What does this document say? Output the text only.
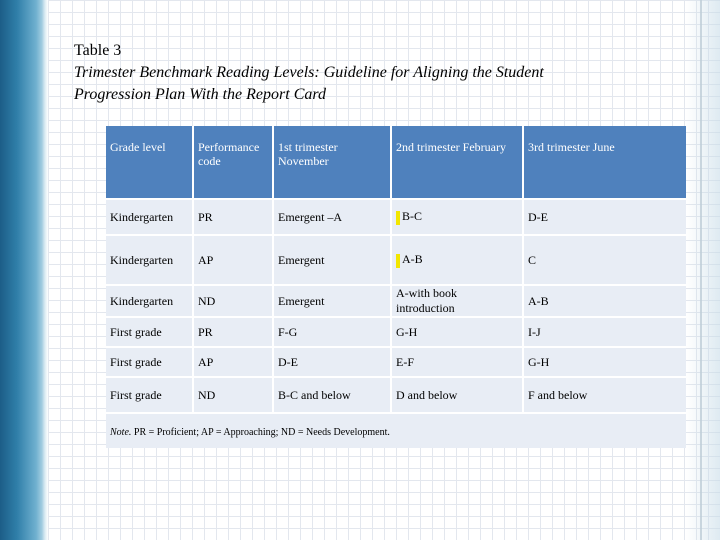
Table 3
Trimester Benchmark Reading Levels: Guideline for Aligning the Student
Progression Plan With the Report Card
Grade level	Performance code	1st trimester November	2nd trimester February	3rd trimester June
Kindergarten	PR	Emergent –A	B-C	D-E
Kindergarten	AP	Emergent	A-B	C
Kindergarten	ND	Emergent	A-with book introduction	A-B
First grade	PR	F-G	G-H	I-J
First grade	AP	D-E	E-F	G-H
First grade	ND	B-C and below	D and below	F and below
Note. PR = Proficient; AP = Approaching; ND = Needs Development.				
